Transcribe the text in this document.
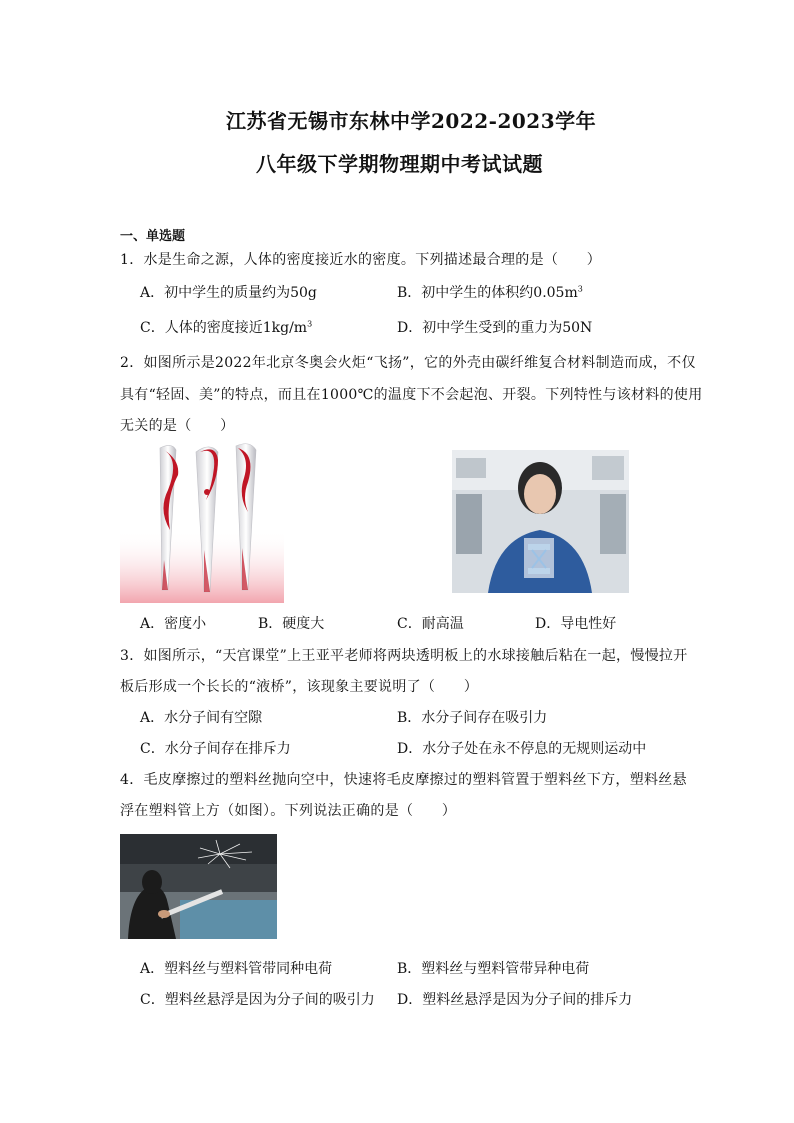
江苏省无锡市东林中学2022-2023学年
八年级下学期物理期中考试试题
一、单选题
1．水是生命之源，人体的密度接近水的密度。下列描述最合理的是（　　）
A．初中学生的质量约为50g	B．初中学生的体积约$0.05m^3$
C．人体的密度接近$1kg/m^3$	D．初中学生受到的重力为50N
2．如图所示是2022年北京冬奥会火炬“飞扬”，它的外壳由碳纤维复合材料制造而成，不仅
具有“轻固、美”的特点，而且在1000℃的温度下不会起泡、开裂。下列特性与该材料的使用
无关的是（　　）
A．密度小	B．硬度大	C．耐高温	D．导电性好
3．如图所示，“天宫课堂”上王亚平老师将两块透明板上的水球接触后粘在一起，慢慢拉开
板后形成一个长长的“液桥”，该现象主要说明了（　　）
A．水分子间有空隙	B．水分子间存在吸引力
C．水分子间存在排斥力	D．水分子处在永不停息的无规则运动中
4．毛皮摩擦过的塑料丝抛向空中，快速将毛皮摩擦过的塑料管置于塑料丝下方，塑料丝悬
浮在塑料管上方（如图）。下列说法正确的是（　　）
A．塑料丝与塑料管带同种电荷	B．塑料丝与塑料管带异种电荷
C．塑料丝悬浮是因为分子间的吸引力 D．塑料丝悬浮是因为分子间的排斥力
